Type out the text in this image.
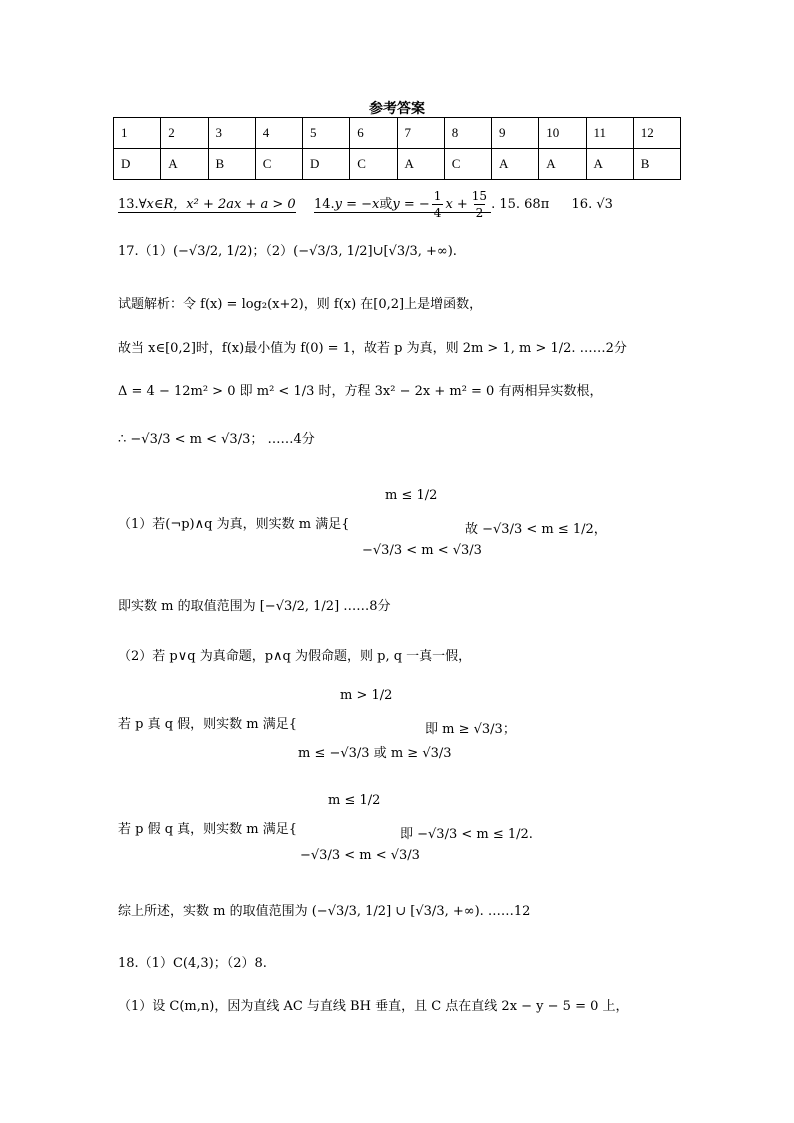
参考答案
1	2	3	4	5	6	7	8	9	10	11	12
D	A	B	C	D	C	A	C	A	A	A	B
13.∀x∈R，x² + 2ax + a > 0 14.y = −x或y = − $\frac{1}{4}$ $x + \frac{15}{2}$ . 15. 68π 16. √3
17.（1）(−√3/2, 1/2)；（2）(−√3/3, 1/2]∪[√3/3, +∞).
试题解析：令 f(x) = log₂(x+2)，则 f(x) 在[0,2]上是增函数，
故当 x∈[0,2]时，f(x)最小值为 f(0) = 1，故若 p 为真，则 2m > 1, m > 1/2. ……2分
Δ = 4 − 12m² > 0 即 m² < 1/3 时，方程 3x² − 2x + m² = 0 有两相异实数根，
∴ −√3/3 < m < √3/3； ……4分
（1）若(¬p)∧q 为真，则实数 m 满足{
m ≤ 1/2
−√3/3 < m < √3/3
故 −√3/3 < m ≤ 1/2，
即实数 m 的取值范围为 [−√3/2, 1/2] ……8分
（2）若 p∨q 为真命题，p∧q 为假命题，则 p, q 一真一假，
若 p 真 q 假，则实数 m 满足{
m > 1/2
m ≤ −√3/3 或 m ≥ √3/3
即 m ≥ √3/3；
若 p 假 q 真，则实数 m 满足{
m ≤ 1/2
−√3/3 < m < √3/3
即 −√3/3 < m ≤ 1/2.
综上所述，实数 m 的取值范围为 (−√3/3, 1/2] ∪ [√3/3, +∞). ……12
18.（1）C(4,3)；（2）8.
（1）设 C(m,n)，因为直线 AC 与直线 BH 垂直，且 C 点在直线 2x − y − 5 = 0 上，
